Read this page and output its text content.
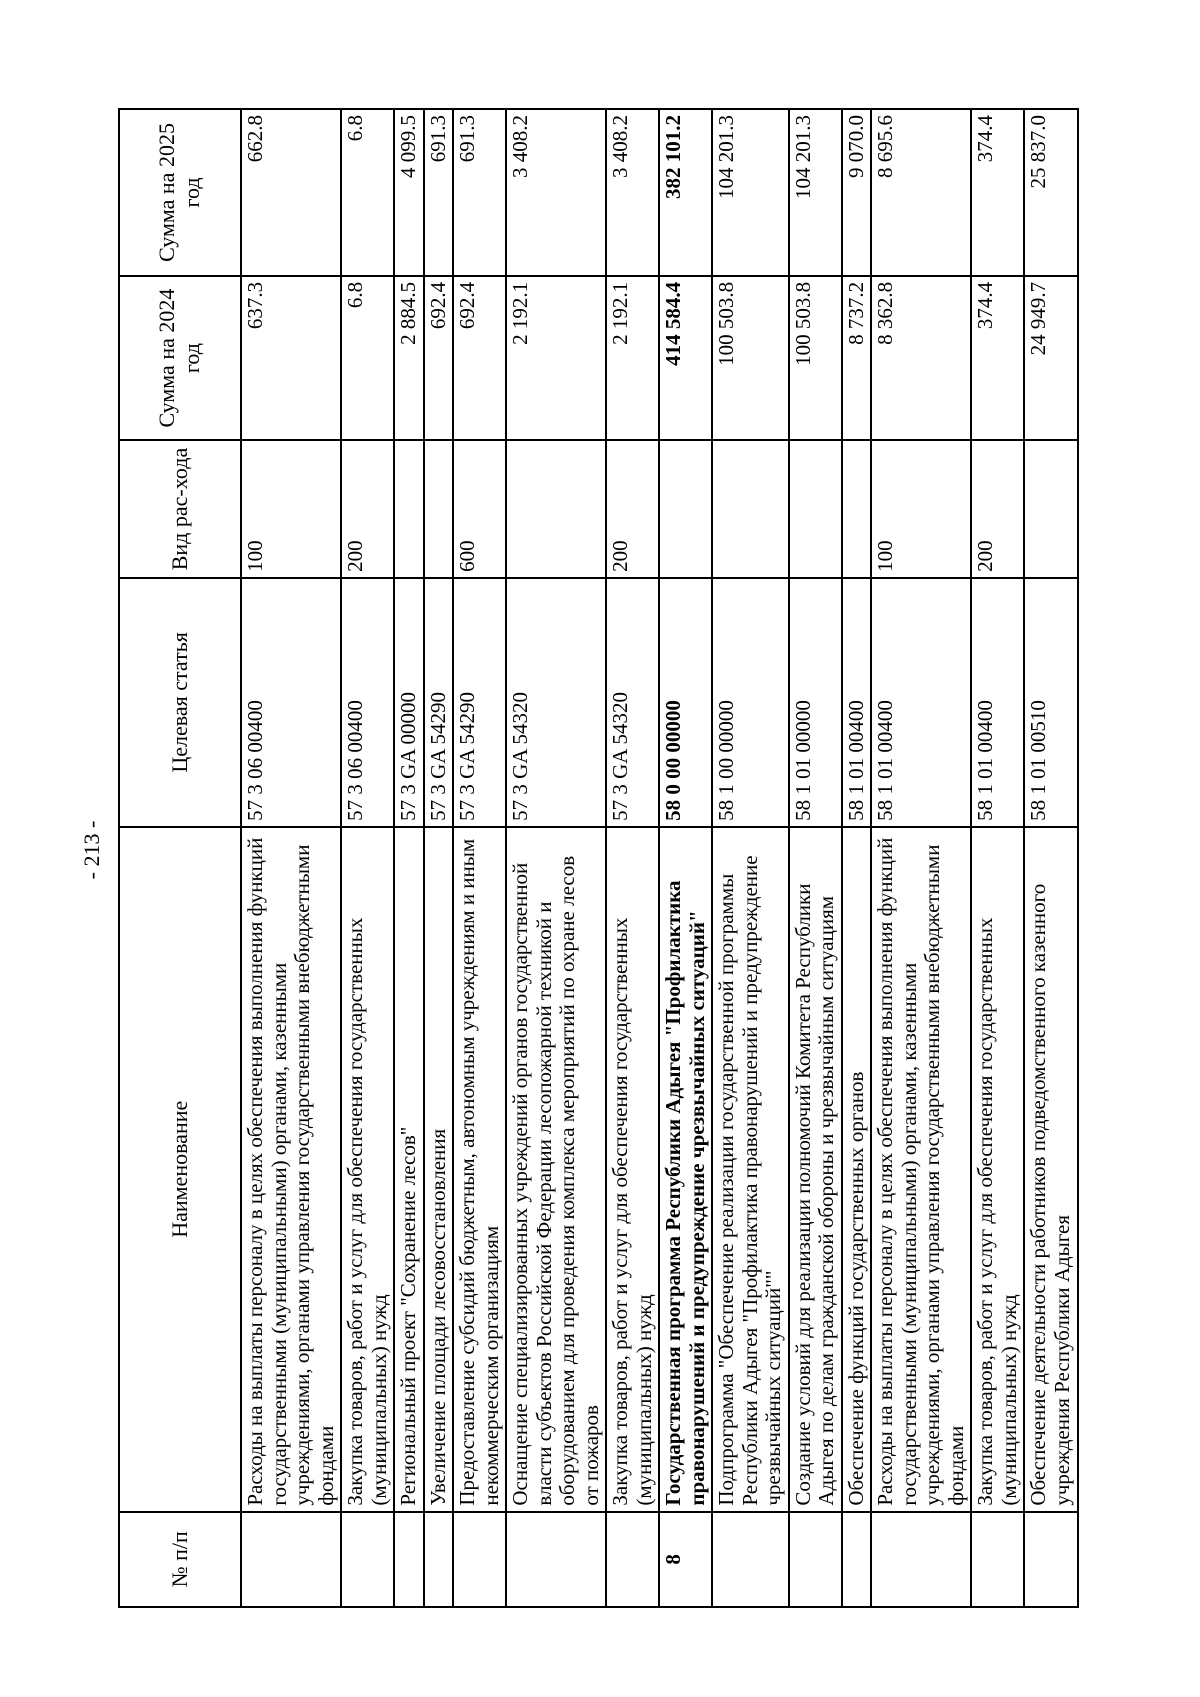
- 213 -
№ п/п	Наименование	Целевая статья	Вид рас-хода	Сумма на 2024 год	Сумма на 2025 год
	Расходы на выплаты персоналу в целях обеспечения выполнения функций государственными (муниципальными) органами, казенными учреждениями, органами управления государственными внебюджетными фондами	57 3 06 00400	100	637.3	662.8
	Закупка товаров, работ и услуг для обеспечения государственных (муниципальных) нужд	57 3 06 00400	200	6.8	6.8
	Региональный проект "Сохранение лесов"	57 3 GA 00000		2 884.5	4 099.5
	Увеличение площади лесовосстановления	57 3 GA 54290		692.4	691.3
	Предоставление субсидий бюджетным, автономным учреждениям и иным некоммерческим организациям	57 3 GA 54290	600	692.4	691.3
	Оснащение специализированных учреждений органов государственной власти субъектов Российской Федерации лесопожарной техникой и оборудованием для проведения комплекса мероприятий по охране лесов от пожаров	57 3 GA 54320		2 192.1	3 408.2
	Закупка товаров, работ и услуг для обеспечения государственных (муниципальных) нужд	57 3 GA 54320	200	2 192.1	3 408.2
8	Государственная программа Республики Адыгея "Профилактика правонарушений и предупреждение чрезвычайных ситуаций"	58 0 00 00000		414 584.4	382 101.2
	Подпрограмма "Обеспечение реализации государственной программы Республики Адыгея "Профилактика правонарушений и предупреждение чрезвычайных ситуаций""	58 1 00 00000		100 503.8	104 201.3
	Создание условий для реализации полномочий Комитета Республики Адыгея по делам гражданской обороны и чрезвычайным ситуациям	58 1 01 00000		100 503.8	104 201.3
	Обеспечение функций государственных органов	58 1 01 00400		8 737.2	9 070.0
	Расходы на выплаты персоналу в целях обеспечения выполнения функций государственными (муниципальными) органами, казенными учреждениями, органами управления государственными внебюджетными фондами	58 1 01 00400	100	8 362.8	8 695.6
	Закупка товаров, работ и услуг для обеспечения государственных (муниципальных) нужд	58 1 01 00400	200	374.4	374.4
	Обеспечение деятельности работников подведомственного казенного учреждения Республики Адыгея	58 1 01 00510		24 949.7	25 837.0
